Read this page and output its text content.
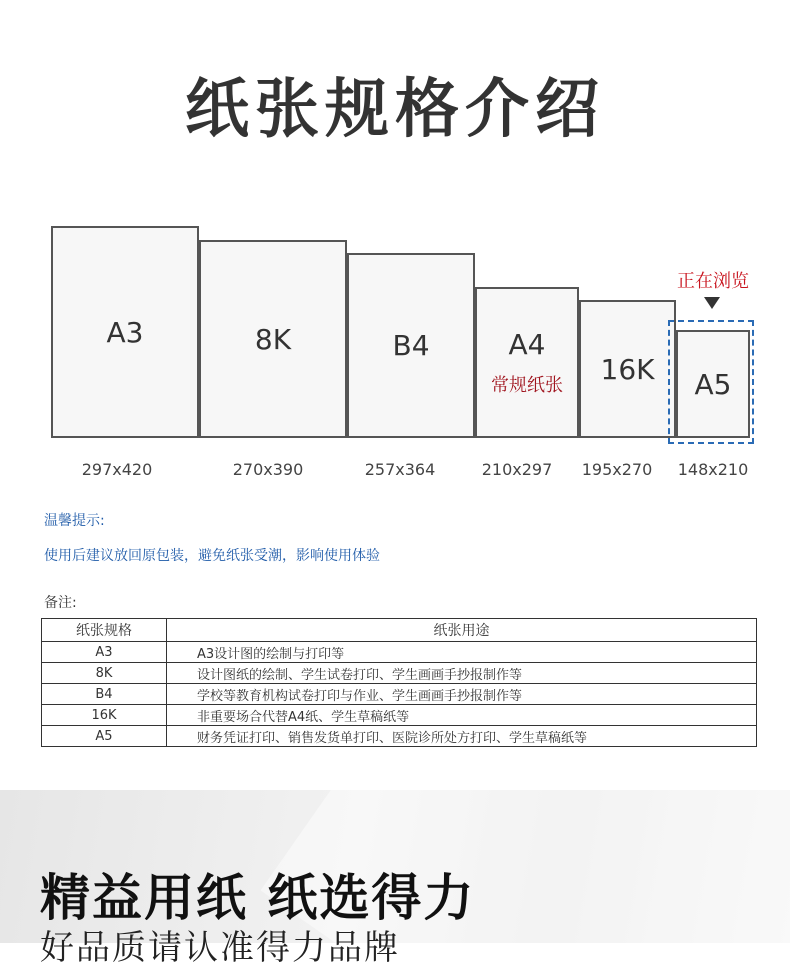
纸张规格介绍
A3	8K	B4	A4
常规纸张 16K A5
正在浏览
297x420	270x390	257x364	210x297	195x270	148x210
温馨提示:
使用后建议放回原包装，避免纸张受潮，影响使用体验
备注:
纸张规格	纸张用途
A3	A3设计图的绘制与打印等
8K	设计图纸的绘制、学生试卷打印、学生画画手抄报制作等
B4	学校等教育机构试卷打印与作业、学生画画手抄报制作等
16K	非重要场合代替A4纸、学生草稿纸等
A5	财务凭证打印、销售发货单打印、医院诊所处方打印、学生草稿纸等
精益用纸 纸选得力
好品质请认准得力品牌
